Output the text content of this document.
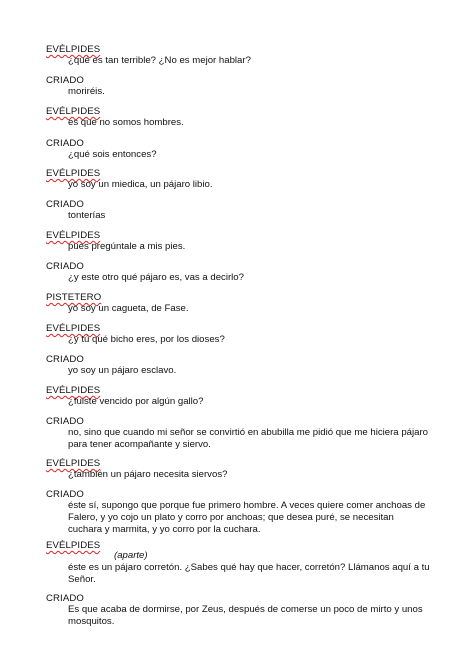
EVÉLPIDES
¿qué es tan terrible? ¿No es mejor hablar?
CRIADO
moriréis.
EVÉLPIDES
es que no somos hombres.
CRIADO
¿qué sois entonces?
EVÉLPIDES
yo soy un miedica, un pájaro libio.
CRIADO
tonterías
EVÉLPIDES
pues pregúntale a mis pies.
CRIADO
¿y este otro qué pájaro es, vas a decirlo?
PISTETERO
yo soy un cagueta, de Fase.
EVÉLPIDES
¿y tú qué bicho eres, por los dioses?
CRIADO
yo soy un pájaro esclavo.
EVÉLPIDES
¿fuiste vencido por algún gallo?
CRIADO
no, sino que cuando mi señor se convirtió en abubilla me pidió que me hiciera pájaro
para tener acompañante y siervo.
EVÉLPIDES
¿también un pájaro necesita siervos?
CRIADO
éste sí, supongo que porque fue primero hombre. A veces quiere comer anchoas de
Falero, y yo cojo un plato y corro por anchoas; que desea puré, se necesitan
cuchara y marmita, y yo corro por la cuchara.
EVÉLPIDES
(aparte)
éste es un pájaro corretón. ¿Sabes qué hay que hacer, corretón? Llámanos aquí a tu
Señor.
CRIADO
Es que acaba de dormirse, por Zeus, después de comerse un poco de mirto y unos
mosquitos.
